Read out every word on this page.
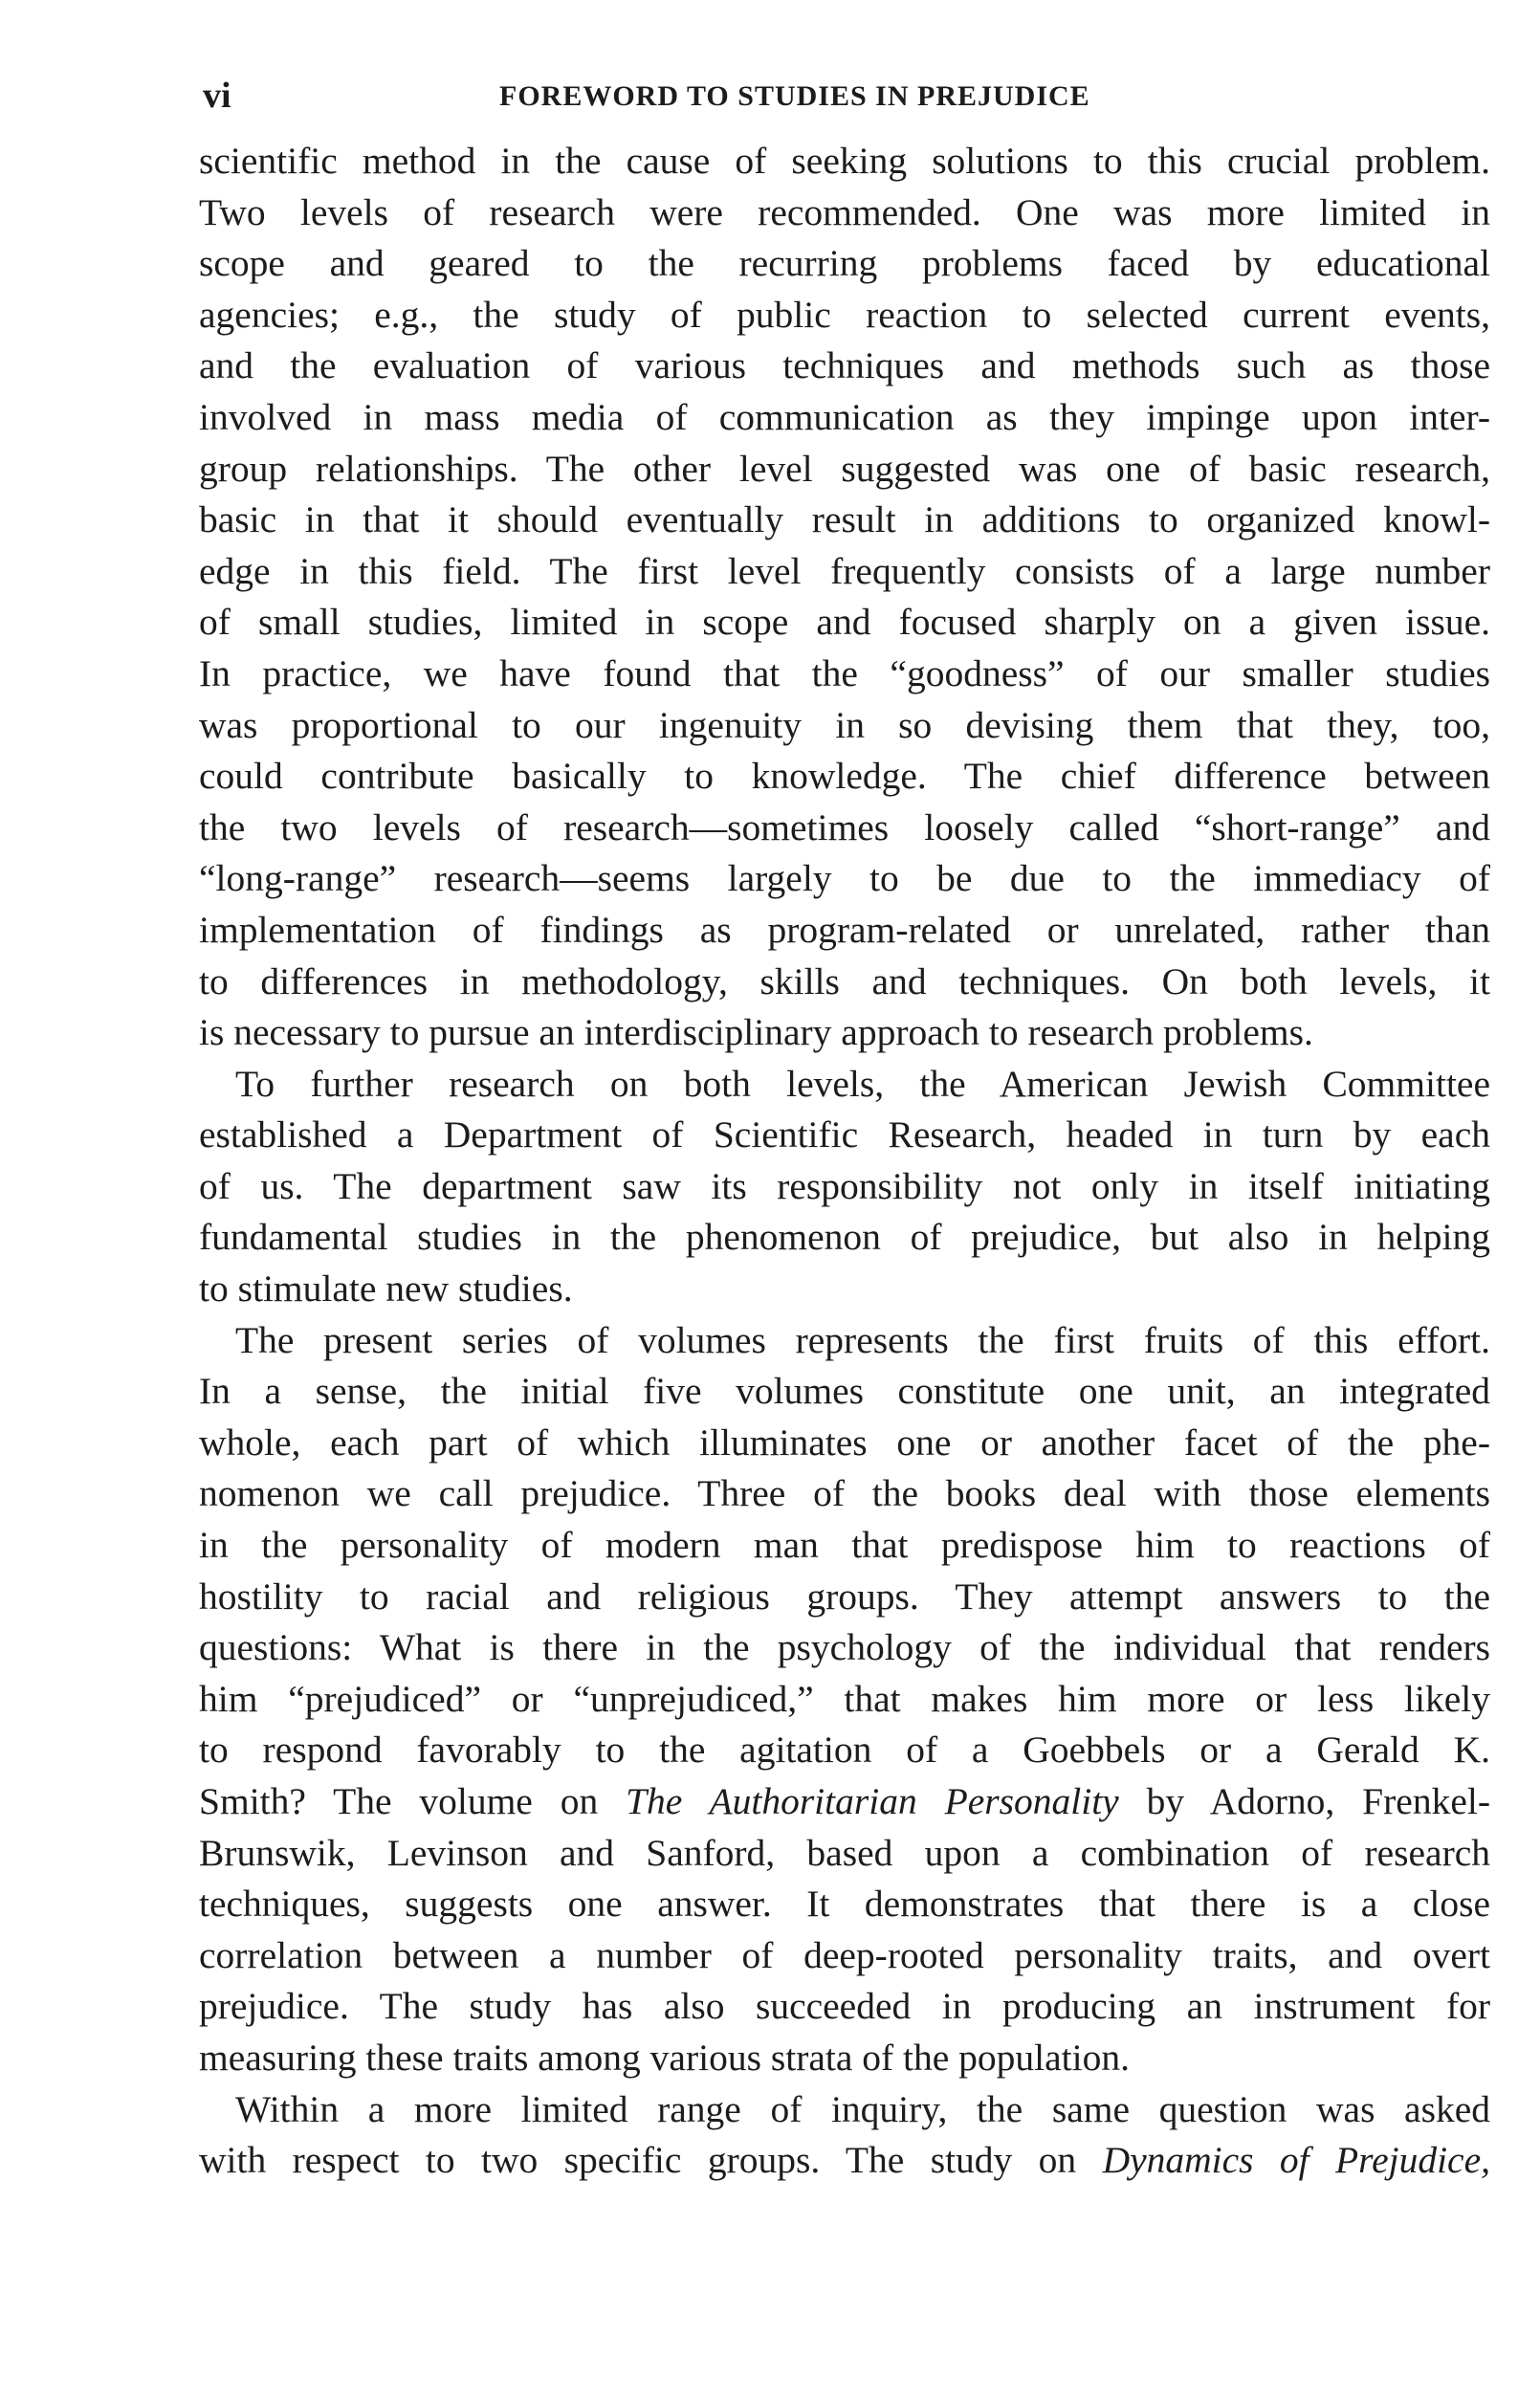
vi	FOREWORD TO STUDIES IN PREJUDICE
scientific method in the cause of seeking solutions to this crucial problem.
Two levels of research were recommended. One was more limited in
scope and geared to the recurring problems faced by educational
agencies; e.g., the study of public reaction to selected current events,
and the evaluation of various techniques and methods such as those
involved in mass media of communication as they impinge upon inter-
group relationships. The other level suggested was one of basic research,
basic in that it should eventually result in additions to organized knowl-
edge in this field. The first level frequently consists of a large number
of small studies, limited in scope and focused sharply on a given issue.
In practice, we have found that the “goodness” of our smaller studies
was proportional to our ingenuity in so devising them that they, too,
could contribute basically to knowledge. The chief difference between
the two levels of research—sometimes loosely called “short-range” and
“long-range” research—seems largely to be due to the immediacy of
implementation of findings as program-related or unrelated, rather than
to differences in methodology, skills and techniques. On both levels, it
is necessary to pursue an interdisciplinary approach to research problems.
To further research on both levels, the American Jewish Committee
established a Department of Scientific Research, headed in turn by each
of us. The department saw its responsibility not only in itself initiating
fundamental studies in the phenomenon of prejudice, but also in helping
to stimulate new studies.
The present series of volumes represents the first fruits of this effort.
In a sense, the initial five volumes constitute one unit, an integrated
whole, each part of which illuminates one or another facet of the phe-
nomenon we call prejudice. Three of the books deal with those elements
in the personality of modern man that predispose him to reactions of
hostility to racial and religious groups. They attempt answers to the
questions: What is there in the psychology of the individual that renders
him “prejudiced” or “unprejudiced,” that makes him more or less likely
to respond favorably to the agitation of a Goebbels or a Gerald K.
Smith? The volume on The Authoritarian Personality by Adorno, Frenkel-
Brunswik, Levinson and Sanford, based upon a combination of research
techniques, suggests one answer. It demonstrates that there is a close
correlation between a number of deep-rooted personality traits, and overt
prejudice. The study has also succeeded in producing an instrument for
measuring these traits among various strata of the population.
Within a more limited range of inquiry, the same question was asked
with respect to two specific groups. The study on Dynamics of Prejudice,
